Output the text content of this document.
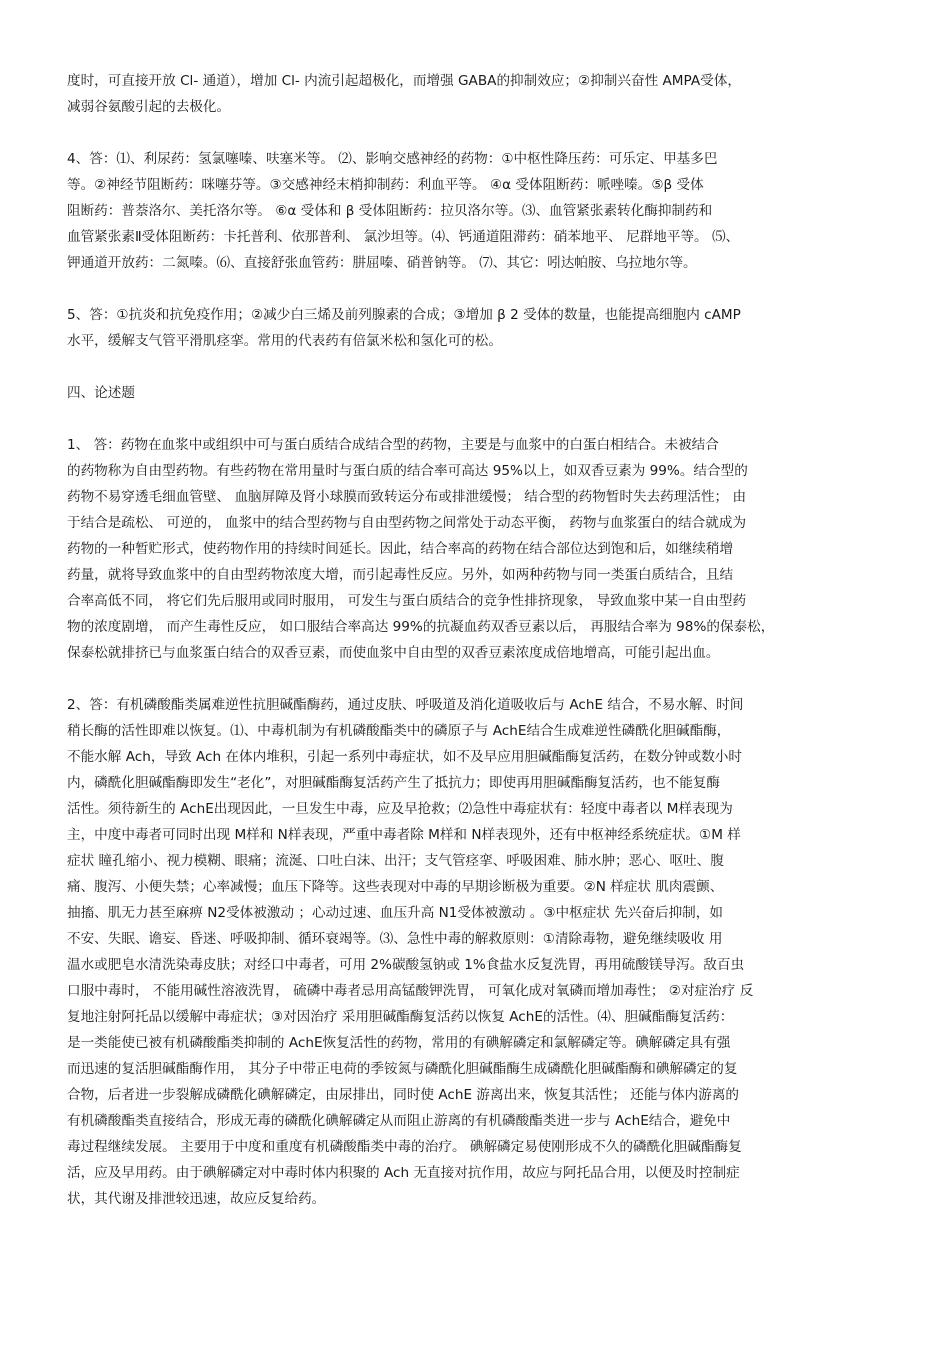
度时，可直接开放 Cl- 通道），增加 Cl- 内流引起超极化，而增强 GABA的抑制效应；②抑制兴奋性 AMPA受体，
减弱谷氨酸引起的去极化。
4、答：⑴、利尿药：氢氯噻嗪、呋塞米等。 ⑵、影响交感神经的药物：①中枢性降压药：可乐定、甲基多巴
等。②神经节阻断药：咪噻芬等。③交感神经末梢抑制药：利血平等。 ④α 受体阻断药：哌唑嗪。⑤β 受体
阻断药：普萘洛尔、美托洛尔等。 ⑥α 受体和 β 受体阻断药：拉贝洛尔等。⑶、血管紧张素转化酶抑制药和
血管紧张素Ⅱ受体阻断药：卡托普利、依那普利、 氯沙坦等。⑷、钙通道阻滞药：硝苯地平、 尼群地平等。 ⑸、
钾通道开放药：二氮嗪。⑹、直接舒张血管药：肼屈嗪、硝普钠等。 ⑺、其它：吲达帕胺、乌拉地尔等。
5、答：①抗炎和抗免疫作用；②减少白三烯及前列腺素的合成；③增加 β 2 受体的数量，也能提高细胞内 cAMP
水平，缓解支气管平滑肌痉挛。常用的代表药有倍氯米松和氢化可的松。
四、论述题
1、 答：药物在血浆中或组织中可与蛋白质结合成结合型的药物，主要是与血浆中的白蛋白相结合。未被结合
的药物称为自由型药物。有些药物在常用量时与蛋白质的结合率可高达 95%以上，如双香豆素为 99%。结合型的
药物不易穿透毛细血管壁、 血脑屏障及肾小球膜而致转运分布或排泄缓慢； 结合型的药物暂时失去药理活性； 由
于结合是疏松、 可逆的， 血浆中的结合型药物与自由型药物之间常处于动态平衡， 药物与血浆蛋白的结合就成为
药物的一种暂贮形式，使药物作用的持续时间延长。因此，结合率高的药物在结合部位达到饱和后，如继续稍增
药量，就将导致血浆中的自由型药物浓度大增，而引起毒性反应。另外，如两种药物与同一类蛋白质结合，且结
合率高低不同， 将它们先后服用或同时服用， 可发生与蛋白质结合的竞争性排挤现象， 导致血浆中某一自由型药
物的浓度剧增， 而产生毒性反应， 如口服结合率高达 99%的抗凝血药双香豆素以后， 再服结合率为 98%的保泰松，
保泰松就排挤已与血浆蛋白结合的双香豆素，而使血浆中自由型的双香豆素浓度成倍地增高，可能引起出血。
2、答：有机磷酸酯类属难逆性抗胆碱酯酶药，通过皮肤、呼吸道及消化道吸收后与 AchE 结合，不易水解、时间
稍长酶的活性即难以恢复。⑴、中毒机制为有机磷酸酯类中的磷原子与 AchE结合生成难逆性磷酰化胆碱酯酶，
不能水解 Ach，导致 Ach 在体内堆积，引起一系列中毒症状，如不及早应用胆碱酯酶复活药，在数分钟或数小时
内，磷酰化胆碱酯酶即发生“老化”，对胆碱酯酶复活药产生了抵抗力；即使再用胆碱酯酶复活药，也不能复酶
活性。须待新生的 AchE出现因此，一旦发生中毒，应及早抢救；⑵急性中毒症状有：轻度中毒者以 M样表现为
主，中度中毒者可同时出现 M样和 N样表现，严重中毒者除 M样和 N样表现外，还有中枢神经系统症状。①M 样
症状 瞳孔缩小、视力模糊、眼痛；流涎、口吐白沫、出汗；支气管痉挛、呼吸困难、肺水肿；恶心、呕吐、腹
痛、腹泻、小便失禁；心率减慢；血压下降等。这些表现对中毒的早期诊断极为重要。②N 样症状 肌肉震颤、
抽搐、肌无力甚至麻痹 N2受体被激动 ；心动过速、血压升高 N1受体被激动 。③中枢症状 先兴奋后抑制，如
不安、失眠、谵妄、昏迷、呼吸抑制、循环衰竭等。⑶、急性中毒的解救原则：①清除毒物，避免继续吸收 用
温水或肥皂水清洗染毒皮肤；对经口中毒者，可用 2%碳酸氢钠或 1%食盐水反复洗胃，再用硫酸镁导泻。敌百虫
口服中毒时， 不能用碱性溶液洗胃， 硫磷中毒者忌用高锰酸钾洗胃， 可氧化成对氧磷而增加毒性； ②对症治疗 反
复地注射阿托品以缓解中毒症状；③对因治疗 采用胆碱酯酶复活药以恢复 AchE的活性。⑷、胆碱酯酶复活药：
是一类能使已被有机磷酸酯类抑制的 AchE恢复活性的药物，常用的有碘解磷定和氯解磷定等。碘解磷定具有强
而迅速的复活胆碱酯酶作用， 其分子中带正电荷的季铵氮与磷酰化胆碱酯酶生成磷酰化胆碱酯酶和碘解磷定的复
合物，后者进一步裂解成磷酰化碘解磷定，由尿排出，同时使 AchE 游离出来，恢复其活性； 还能与体内游离的
有机磷酸酯类直接结合，形成无毒的磷酰化碘解磷定从而阻止游离的有机磷酸酯类进一步与 AchE结合，避免中
毒过程继续发展。 主要用于中度和重度有机磷酸酯类中毒的治疗。 碘解磷定易使刚形成不久的磷酰化胆碱酯酶复
活，应及早用药。由于碘解磷定对中毒时体内积聚的 Ach 无直接对抗作用，故应与阿托品合用，以便及时控制症
状，其代谢及排泄较迅速，故应反复给药。
